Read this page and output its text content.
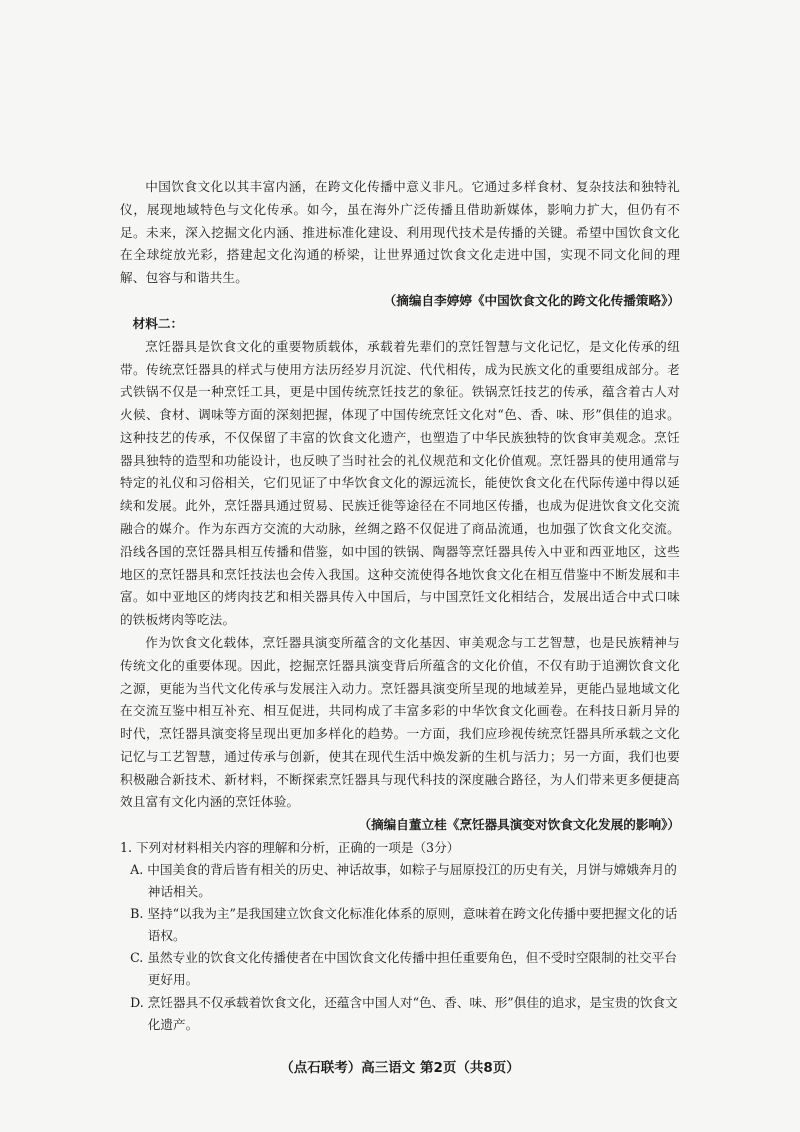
中国饮食文化以其丰富内涵，在跨文化传播中意义非凡。它通过多样食材、复杂技法和独特礼仪，展现地域特色与文化传承。如今，虽在海外广泛传播且借助新媒体，影响力扩大，但仍有不足。未来，深入挖掘文化内涵、推进标准化建设、利用现代技术是传播的关键。希望中国饮食文化在全球绽放光彩，搭建起文化沟通的桥梁，让世界通过饮食文化走进中国，实现不同文化间的理解、包容与和谐共生。

（摘编自李婷婷《中国饮食文化的跨文化传播策略》）

材料二：

烹饪器具是饮食文化的重要物质载体，承载着先辈们的烹饪智慧与文化记忆，是文化传承的纽带。传统烹饪器具的样式与使用方法历经岁月沉淀、代代相传，成为民族文化的重要组成部分。老式铁锅不仅是一种烹饪工具，更是中国传统烹饪技艺的象征。铁锅烹饪技艺的传承，蕴含着古人对火候、食材、调味等方面的深刻把握，体现了中国传统烹饪文化对“色、香、味、形”俱佳的追求。这种技艺的传承，不仅保留了丰富的饮食文化遗产，也塑造了中华民族独特的饮食审美观念。烹饪器具独特的造型和功能设计，也反映了当时社会的礼仪规范和文化价值观。烹饪器具的使用通常与特定的礼仪和习俗相关，它们见证了中华饮食文化的源远流长，能使饮食文化在代际传递中得以延续和发展。此外，烹饪器具通过贸易、民族迁徙等途径在不同地区传播，也成为促进饮食文化交流融合的媒介。作为东西方交流的大动脉，丝绸之路不仅促进了商品流通，也加强了饮食文化交流。沿线各国的烹饪器具相互传播和借鉴，如中国的铁锅、陶器等烹饪器具传入中亚和西亚地区，这些地区的烹饪器具和烹饪技法也会传入我国。这种交流使得各地饮食文化在相互借鉴中不断发展和丰富。如中亚地区的烤肉技艺和相关器具传入中国后，与中国烹饪文化相结合，发展出适合中式口味的铁板烤肉等吃法。

作为饮食文化载体，烹饪器具演变所蕴含的文化基因、审美观念与工艺智慧，也是民族精神与传统文化的重要体现。因此，挖掘烹饪器具演变背后所蕴含的文化价值，不仅有助于追溯饮食文化之源，更能为当代文化传承与发展注入动力。烹饪器具演变所呈现的地域差异，更能凸显地域文化在交流互鉴中相互补充、相互促进，共同构成了丰富多彩的中华饮食文化画卷。在科技日新月异的时代，烹饪器具演变将呈现出更加多样化的趋势。一方面，我们应珍视传统烹饪器具所承载之文化记忆与工艺智慧，通过传承与创新，使其在现代生活中焕发新的生机与活力；另一方面，我们也要积极融合新技术、新材料，不断探索烹饪器具与现代科技的深度融合路径，为人们带来更多便捷高效且富有文化内涵的烹饪体验。

（摘编自董立桂《烹饪器具演变对饮食文化发展的影响》）

1. 下列对材料相关内容的理解和分析，正确的一项是（3分）

A. 中国美食的背后皆有相关的历史、神话故事，如粽子与屈原投江的历史有关，月饼与嫦娥奔月的神话相关。

B. 坚持“以我为主”是我国建立饮食文化标准化体系的原则，意味着在跨文化传播中要把握文化的话语权。

C. 虽然专业的饮食文化传播使者在中国饮食文化传播中担任重要角色，但不受时空限制的社交平台更好用。

D. 烹饪器具不仅承载着饮食文化，还蕴含中国人对“色、香、味、形”俱佳的追求，是宝贵的饮食文化遗产。

（点石联考）高三语文 第2页（共8页）
